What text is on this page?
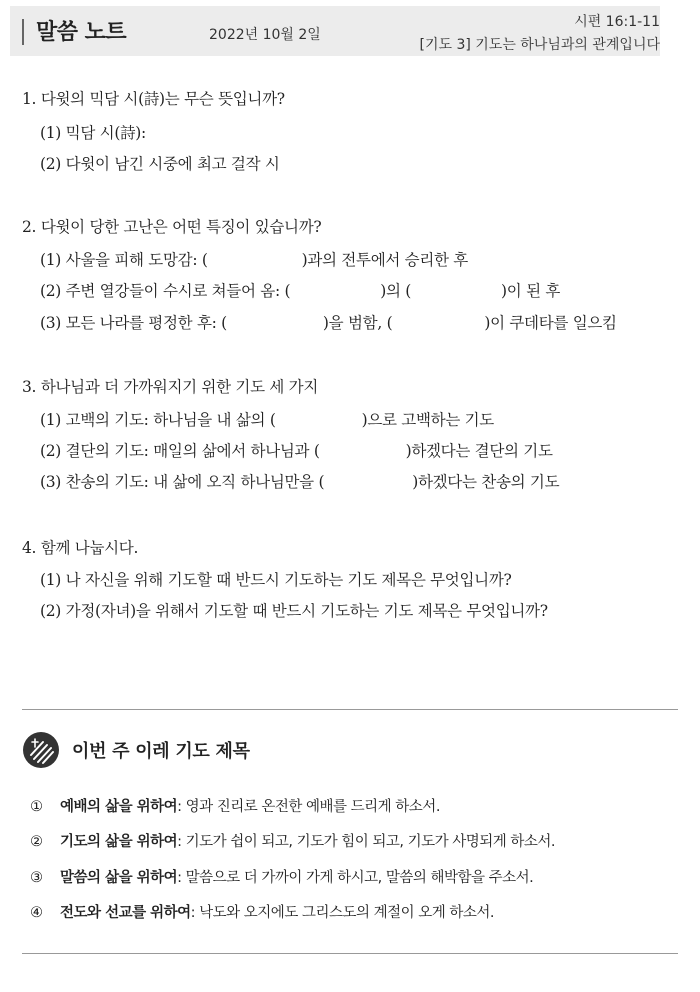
말씀 노트	2022년 10월 2일
시편 16:1-11
[기도 3] 기도는 하나님과의 관계입니다
1. 다윗의 믹담 시(詩)는 무슨 뜻입니까?
(1) 믹담 시(詩):
(2) 다윗이 남긴 시중에 최고 걸작 시
2. 다윗이 당한 고난은 어떤 특징이 있습니까?
(1) 사울을 피해 도망감: (	)과의 전투에서 승리한 후
(2) 주변 열강들이 수시로 쳐들어 옴: (	)의 (	)이 된 후
(3) 모든 나라를 평정한 후: (	)을 범함, (	)이 쿠데타를 일으킴
3. 하나님과 더 가까워지기 위한 기도 세 가지
(1) 고백의 기도: 하나님을 내 삶의 (	)으로 고백하는 기도
(2) 결단의 기도: 매일의 삶에서 하나님과 (	)하겠다는 결단의 기도
(3) 찬송의 기도: 내 삶에 오직 하나님만을 (	)하겠다는 찬송의 기도
4. 함께 나눕시다.
(1) 나 자신을 위해 기도할 때 반드시 기도하는 기도 제목은 무엇입니까?
(2) 가정(자녀)을 위해서 기도할 때 반드시 기도하는 기도 제목은 무엇입니까?
이번 주 이레 기도 제목
① 예배의 삶을 위하여: 영과 진리로 온전한 예배를 드리게 하소서.
② 기도의 삶을 위하여: 기도가 쉽이 되고, 기도가 힘이 되고, 기도가 사명되게 하소서.
③ 말씀의 삶을 위하여: 말씀으로 더 가까이 가게 하시고, 말씀의 해박함을 주소서.
④ 전도와 선교를 위하여: 낙도와 오지에도 그리스도의 계절이 오게 하소서.
